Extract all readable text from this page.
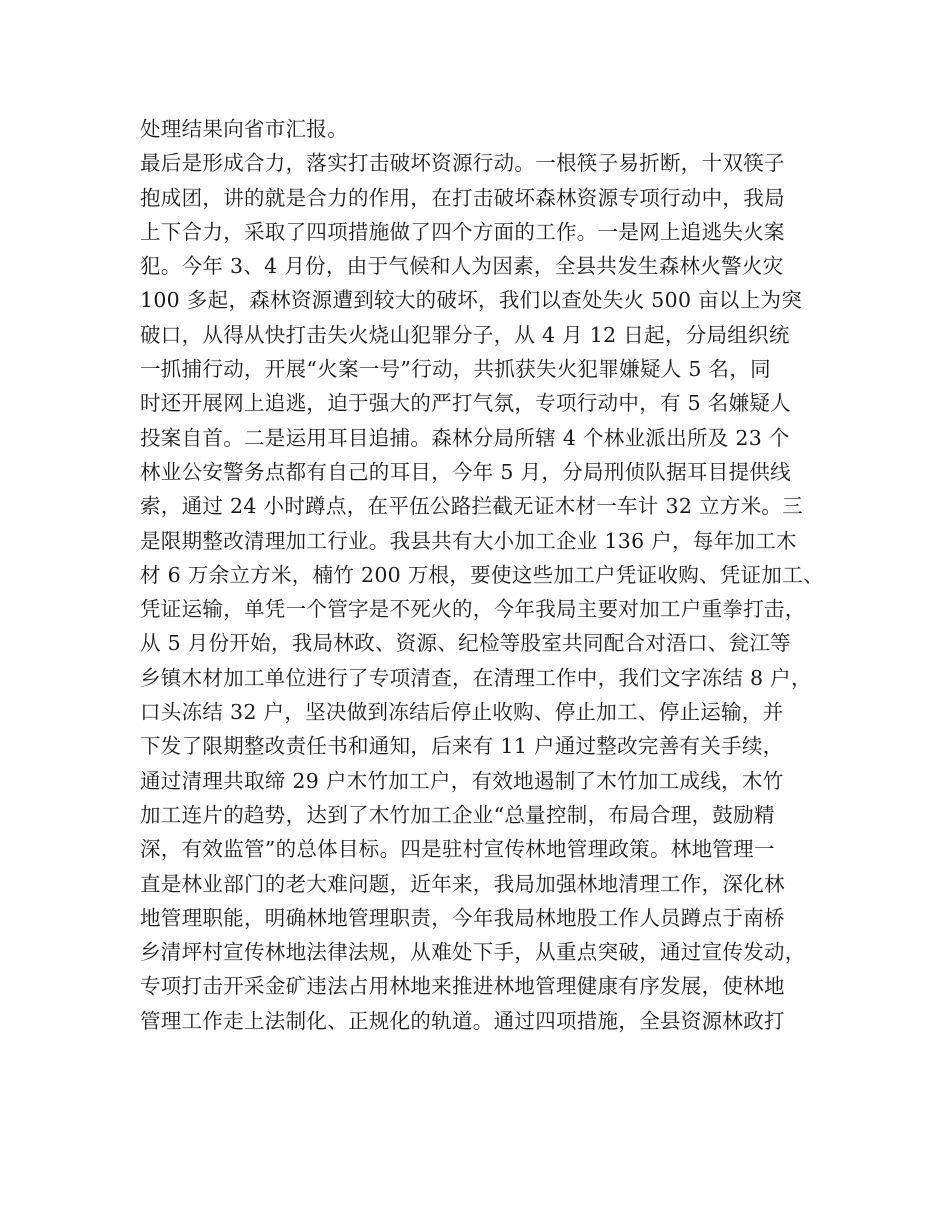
处理结果向省市汇报。
最后是形成合力，落实打击破坏资源行动。一根筷子易折断，十双筷子
抱成团，讲的就是合力的作用，在打击破坏森林资源专项行动中，我局
上下合力，采取了四项措施做了四个方面的工作。一是网上追逃失火案
犯。今年 3、4 月份，由于气候和人为因素，全县共发生森林火警火灾
100 多起，森林资源遭到较大的破坏，我们以查处失火 500 亩以上为突
破口，从得从快打击失火烧山犯罪分子，从 4 月 12 日起，分局组织统
一抓捕行动，开展“火案一号”行动，共抓获失火犯罪嫌疑人 5 名，同
时还开展网上追逃，迫于强大的严打气氛，专项行动中，有 5 名嫌疑人
投案自首。二是运用耳目追捕。森林分局所辖 4 个林业派出所及 23 个
林业公安警务点都有自己的耳目，今年 5 月，分局刑侦队据耳目提供线
索，通过 24 小时蹲点，在平伍公路拦截无证木材一车计 32 立方米。三
是限期整改清理加工行业。我县共有大小加工企业 136 户，每年加工木
材 6 万余立方米，楠竹 200 万根，要使这些加工户凭证收购、凭证加工、
凭证运输，单凭一个管字是不死火的，今年我局主要对加工户重拳打击，
从 5 月份开始，我局林政、资源、纪检等股室共同配合对浯口、瓮江等
乡镇木材加工单位进行了专项清查，在清理工作中，我们文字冻结 8 户，
口头冻结 32 户，坚决做到冻结后停止收购、停止加工、停止运输，并
下发了限期整改责任书和通知，后来有 11 户通过整改完善有关手续，
通过清理共取缔 29 户木竹加工户，有效地遏制了木竹加工成线，木竹
加工连片的趋势，达到了木竹加工企业“总量控制，布局合理，鼓励精
深，有效监管”的总体目标。四是驻村宣传林地管理政策。林地管理一
直是林业部门的老大难问题，近年来，我局加强林地清理工作，深化林
地管理职能，明确林地管理职责，今年我局林地股工作人员蹲点于南桥
乡清坪村宣传林地法律法规，从难处下手，从重点突破，通过宣传发动，
专项打击开采金矿违法占用林地来推进林地管理健康有序发展，使林地
管理工作走上法制化、正规化的轨道。通过四项措施，全县资源林政打
